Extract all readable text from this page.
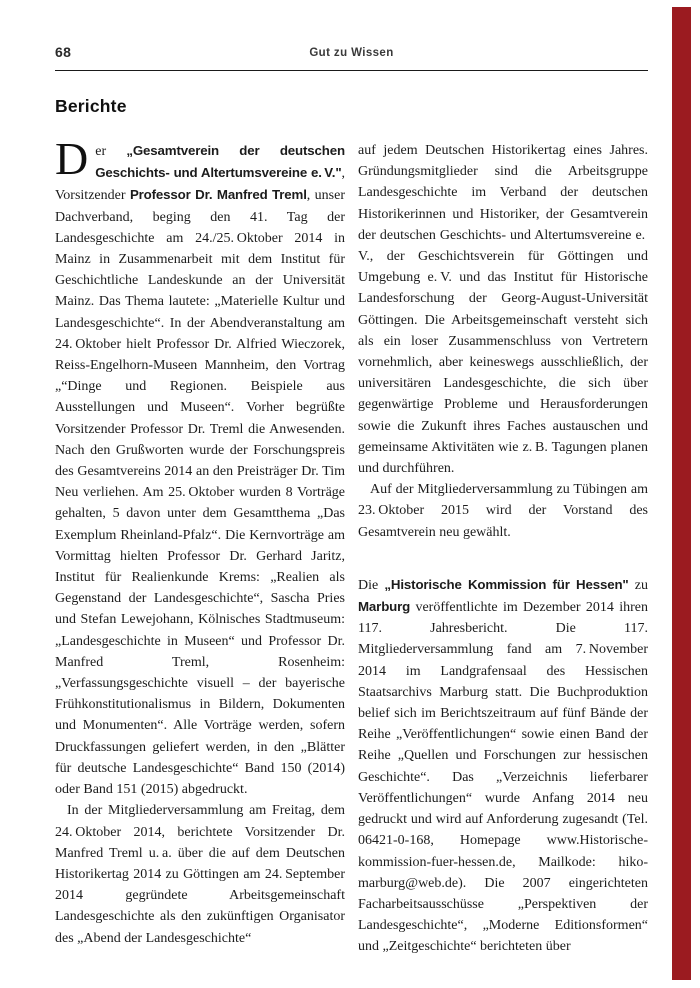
68	Gut zu Wissen
Berichte

Der „Gesamtverein der deutschen Geschichts- und Altertumsvereine e. V.", Vorsitzender Professor Dr. Manfred Treml, unser Dachverband, beging den 41. Tag der Landesgeschichte am 24./25. Oktober 2014 in Mainz in Zusammenarbeit mit dem Institut für Geschichtliche Landeskunde an der Universität Mainz. Das Thema lautete: „Materielle Kultur und Landesgeschichte“. In der Abendveranstaltung am 24. Oktober hielt Professor Dr. Alfried Wieczorek, Reiss-Engelhorn-Museen Mannheim, den Vortrag „“Dinge und Regionen. Beispiele aus Ausstellungen und Museen“. Vorher begrüßte Vorsitzender Professor Dr. Treml die Anwesenden. Nach den Grußworten wurde der Forschungspreis des Gesamtvereins 2014 an den Preisträger Dr. Tim Neu verliehen. Am 25. Oktober wurden 8 Vorträge gehalten, 5 davon unter dem Gesamtthema „Das Exemplum Rheinland-Pfalz“. Die Kernvorträge am Vormittag hielten Professor Dr. Gerhard Jaritz, Institut für Realienkunde Krems: „Realien als Gegenstand der Landesgeschichte“, Sascha Pries und Stefan Lewejohann, Kölnisches Stadtmuseum: „Landesgeschichte in Museen“ und Professor Dr. Manfred Treml, Rosenheim: „Verfassungsgeschichte visuell – der bayerische Frühkonstitutionalismus in Bildern, Dokumenten und Monumenten“. Alle Vorträge werden, sofern Druckfassungen geliefert werden, in den „Blätter für deutsche Landesgeschichte“ Band 150 (2014) oder Band 151 (2015) abgedruckt.

In der Mitgliederversammlung am Freitag, dem 24. Oktober 2014, berichtete Vorsitzender Dr. Manfred Treml u. a. über die auf dem Deutschen Historikertag 2014 zu Göttingen am 24. September 2014 gegründete Arbeitsgemeinschaft Landesgeschichte als den zukünftigen Organisator des „Abend der Landesgeschichte“

auf jedem Deutschen Historikertag eines Jahres. Gründungsmitglieder sind die Arbeitsgruppe Landesgeschichte im Verband der deutschen Historikerinnen und Historiker, der Gesamtverein der deutschen Geschichts- und Altertumsvereine e. V., der Geschichtsverein für Göttingen und Umgebung e. V. und das Institut für Historische Landesforschung der Georg-August-Universität Göttingen. Die Arbeitsgemeinschaft versteht sich als ein loser Zusammenschluss von Vertretern vornehmlich, aber keineswegs ausschließlich, der universitären Landesgeschichte, die sich über gegenwärtige Probleme und Herausforderungen sowie die Zukunft ihres Faches austauschen und gemeinsame Aktivitäten wie z. B. Tagungen planen und durchführen.

Auf der Mitgliederversammlung zu Tübingen am 23. Oktober 2015 wird der Vorstand des Gesamtverein neu gewählt.

Die „Historische Kommission für Hessen" zu Marburg veröffentlichte im Dezember 2014 ihren 117. Jahresbericht. Die 117. Mitgliederversammlung fand am 7. November 2014 im Landgrafensaal des Hessischen Staatsarchivs Marburg statt. Die Buchproduktion belief sich im Berichtszeitraum auf fünf Bände der Reihe „Veröffentlichungen“ sowie einen Band der Reihe „Quellen und Forschungen zur hessischen Geschichte“. Das „Verzeichnis lieferbarer Veröffentlichungen“ wurde Anfang 2014 neu gedruckt und wird auf Anforderung zugesandt (Tel. 06421-0-168, Homepage www.​Historische-kommission-fuer-hessen.de, Mailkode: hiko-marburg@web.de). Die 2007 eingerichteten Facharbeitsausschüsse „Perspektiven der Landesgeschichte“, „Moderne Editionsformen“ und „Zeitgeschichte“ berichteten über
